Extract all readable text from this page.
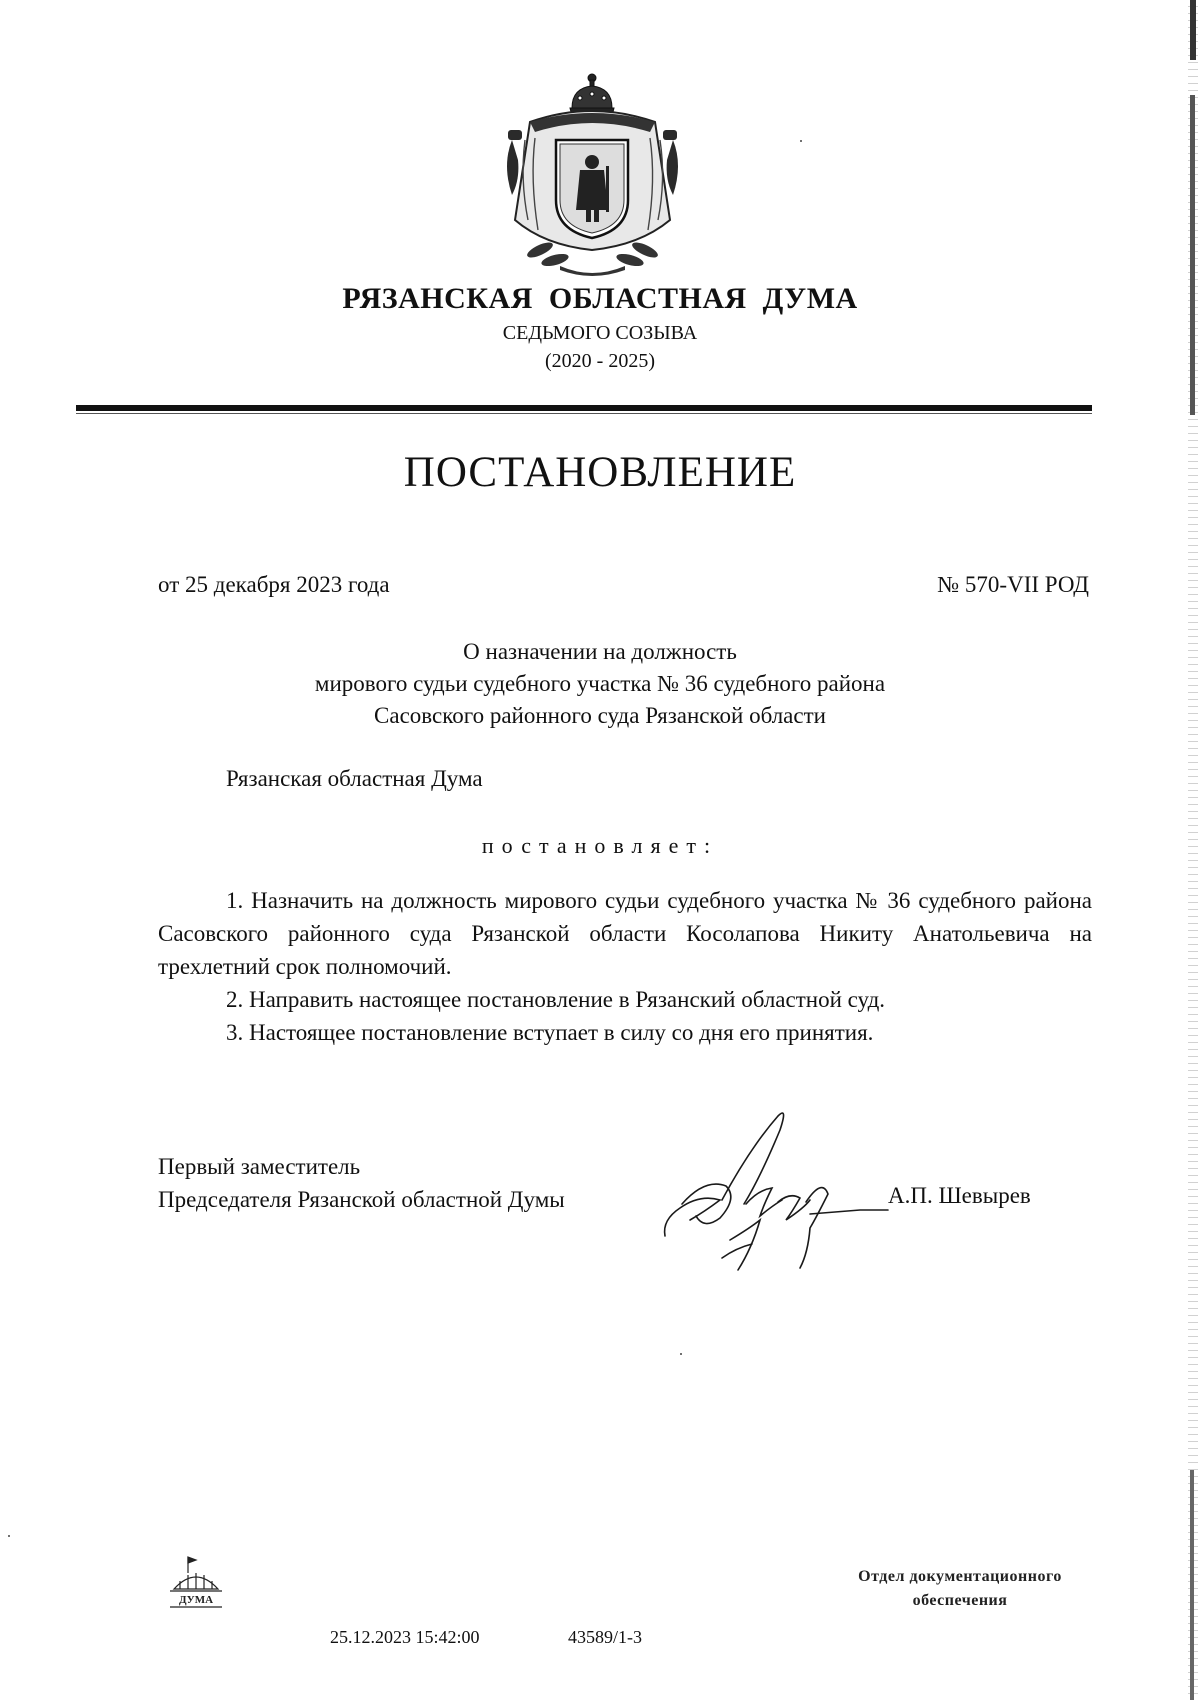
РЯЗАНСКАЯ ОБЛАСТНАЯ ДУМА
СЕДЬМОГО СОЗЫВА
(2020 - 2025)
ПОСТАНОВЛЕНИЕ
от 25 декабря 2023 года	№ 570-VII РОД
О назначении на должность
мирового судьи судебного участка № 36 судебного района
Сасовского районного суда Рязанской области
Рязанская областная Дума
постановляет:

1. Назначить на должность мирового судьи судебного участка № 36 судебного района Сасовского районного суда Рязанской области Косолапова Никиту Анатольевича на трехлетний срок полномочий.

2. Направить настоящее постановление в Рязанский областной суд.

3. Настоящее постановление вступает в силу со дня его принятия.

Первый заместитель
Председателя Рязанской областной Думы	А.П. Шевырев
ДУМА
25.12.2023 15:42:00	43589/1-3
Отдел документационного
обеспечения
